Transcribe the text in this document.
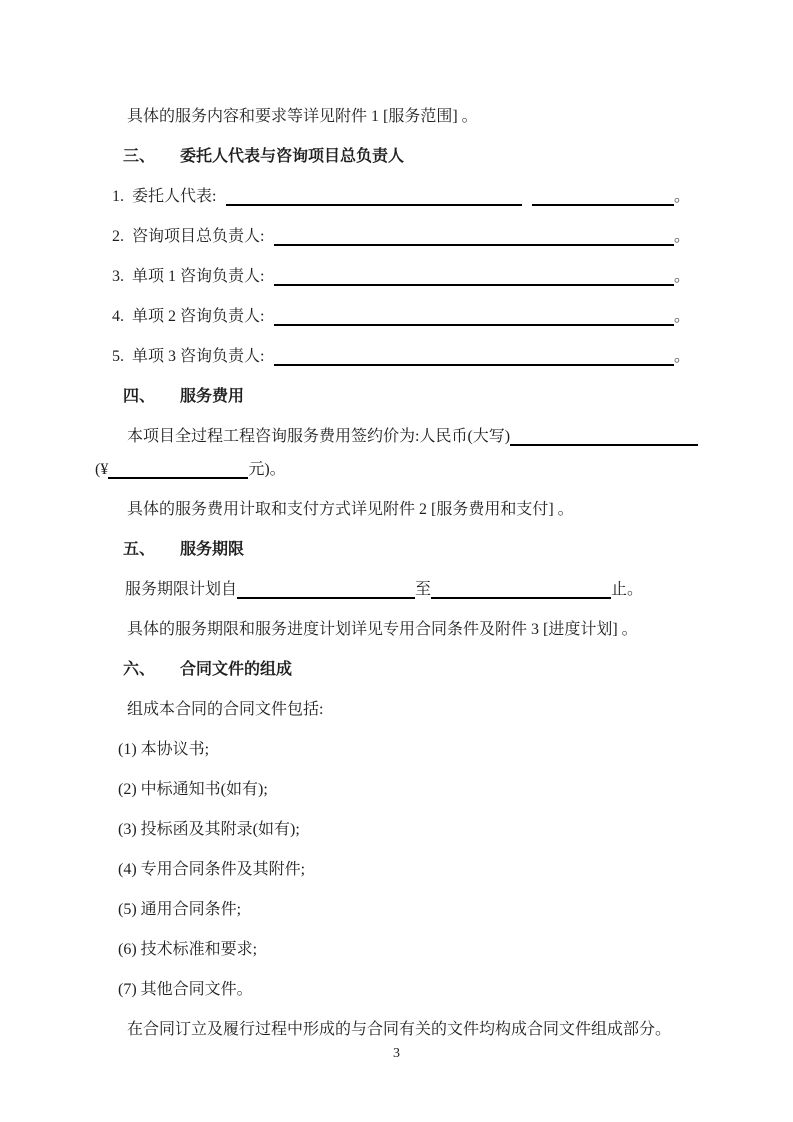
具体的服务内容和要求等详见附件 1 [服务范围] 。

三、 委托人代表与咨询项目总负责人
1. 委托人代表:	。
2. 咨询项目总负责人:	。
3. 单项 1 咨询负责人:	。
4. 单项 2 咨询负责人:	。
5. 单项 3 咨询负责人:	。
四、 服务费用
本项目全过程工程咨询服务费用签约价为:人民币(大写)
(¥	元)。

具体的服务费用计取和支付方式详见附件 2 [服务费用和支付] 。

五、 服务期限
服务期限计划自	至	止。

具体的服务期限和服务进度计划详见专用合同条件及附件 3 [进度计划] 。

六、 合同文件的组成

组成本合同的合同文件包括:

(1) 本协议书;
(2) 中标通知书(如有);
(3) 投标函及其附录(如有);
(4) 专用合同条件及其附件;
(5) 通用合同条件;
(6) 技术标准和要求;
(7) 其他合同文件。

在合同订立及履行过程中形成的与合同有关的文件均构成合同文件组成部分。

3
